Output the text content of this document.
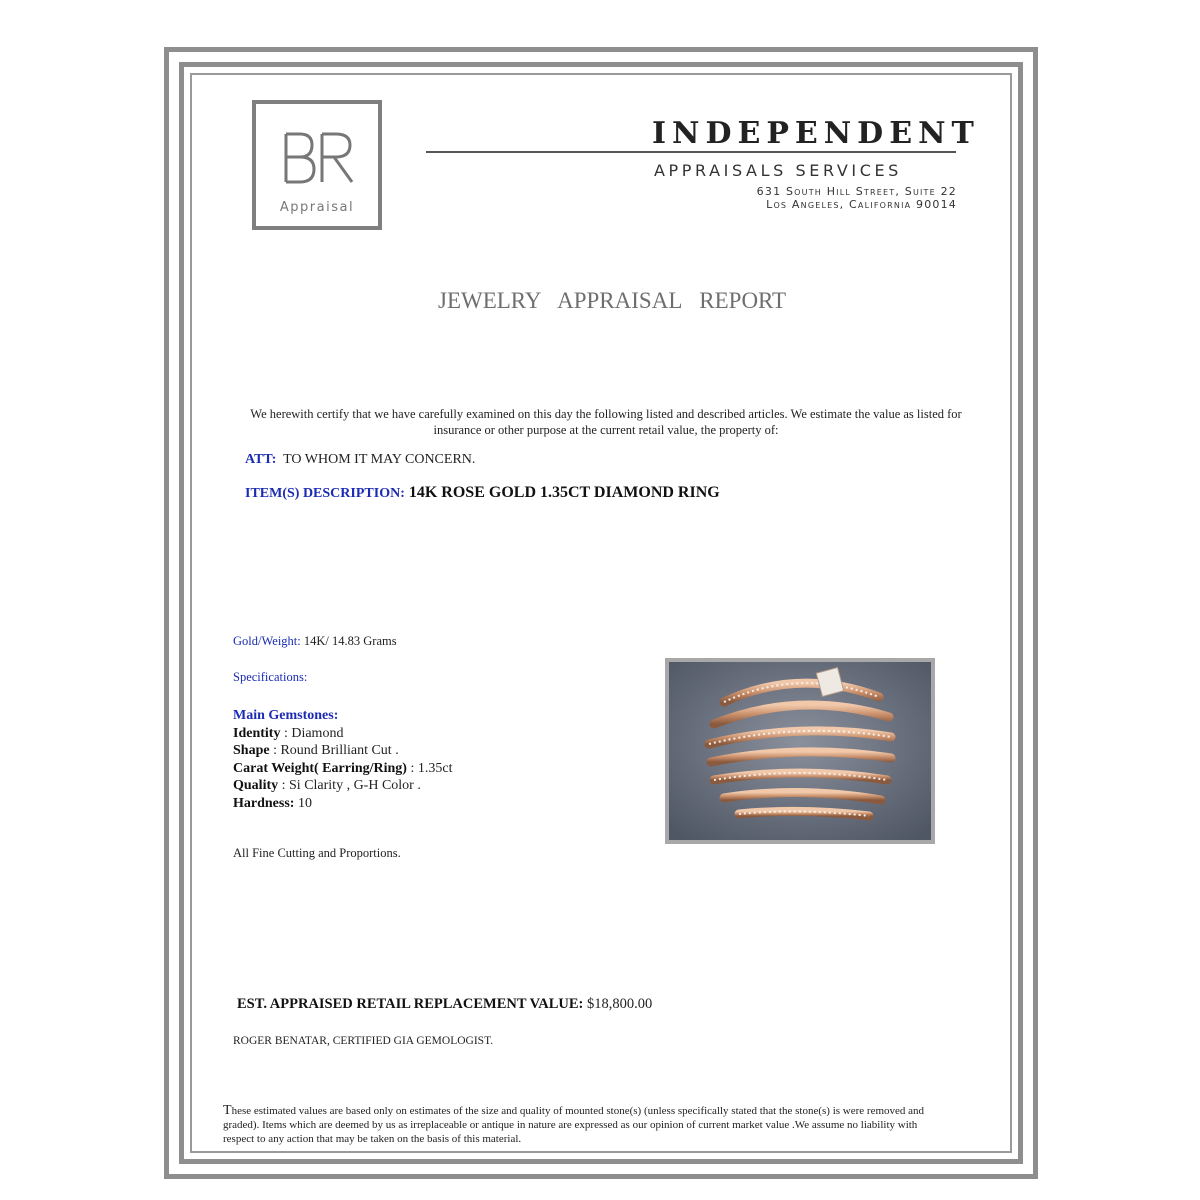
Appraisal
INDEPENDENT
APPRAISALS SERVICES
631 South Hill Street, Suite 22
Los Angeles, California 90014
JEWELRY APPRAISAL REPORT
We herewith certify that we have carefully examined on this day the following listed and described articles. We estimate the value as listed for insurance or other purpose at the current retail value, the property of:
ATT: TO WHOM IT MAY CONCERN.
ITEM(S) DESCRIPTION: 14K ROSE GOLD 1.35CT DIAMOND RING
Gold/Weight: 14K/ 14.83 Grams
Specifications:
Main Gemstones:
Identity : Diamond
Shape : Round Brilliant Cut .
Carat Weight( Earring/Ring) : 1.35ct
Quality : Si Clarity , G-H Color .
Hardness: 10
All Fine Cutting and Proportions.
EST. APPRAISED RETAIL REPLACEMENT VALUE: $18,800.00
ROGER BENATAR, CERTIFIED GIA GEMOLOGIST.
These estimated values are based only on estimates of the size and quality of mounted stone(s) (unless specifically stated that the stone(s) is were removed and graded). Items which are deemed by us as irreplaceable or antique in nature are expressed as our opinion of current market value .We assume no liability with respect to any action that may be taken on the basis of this material.
